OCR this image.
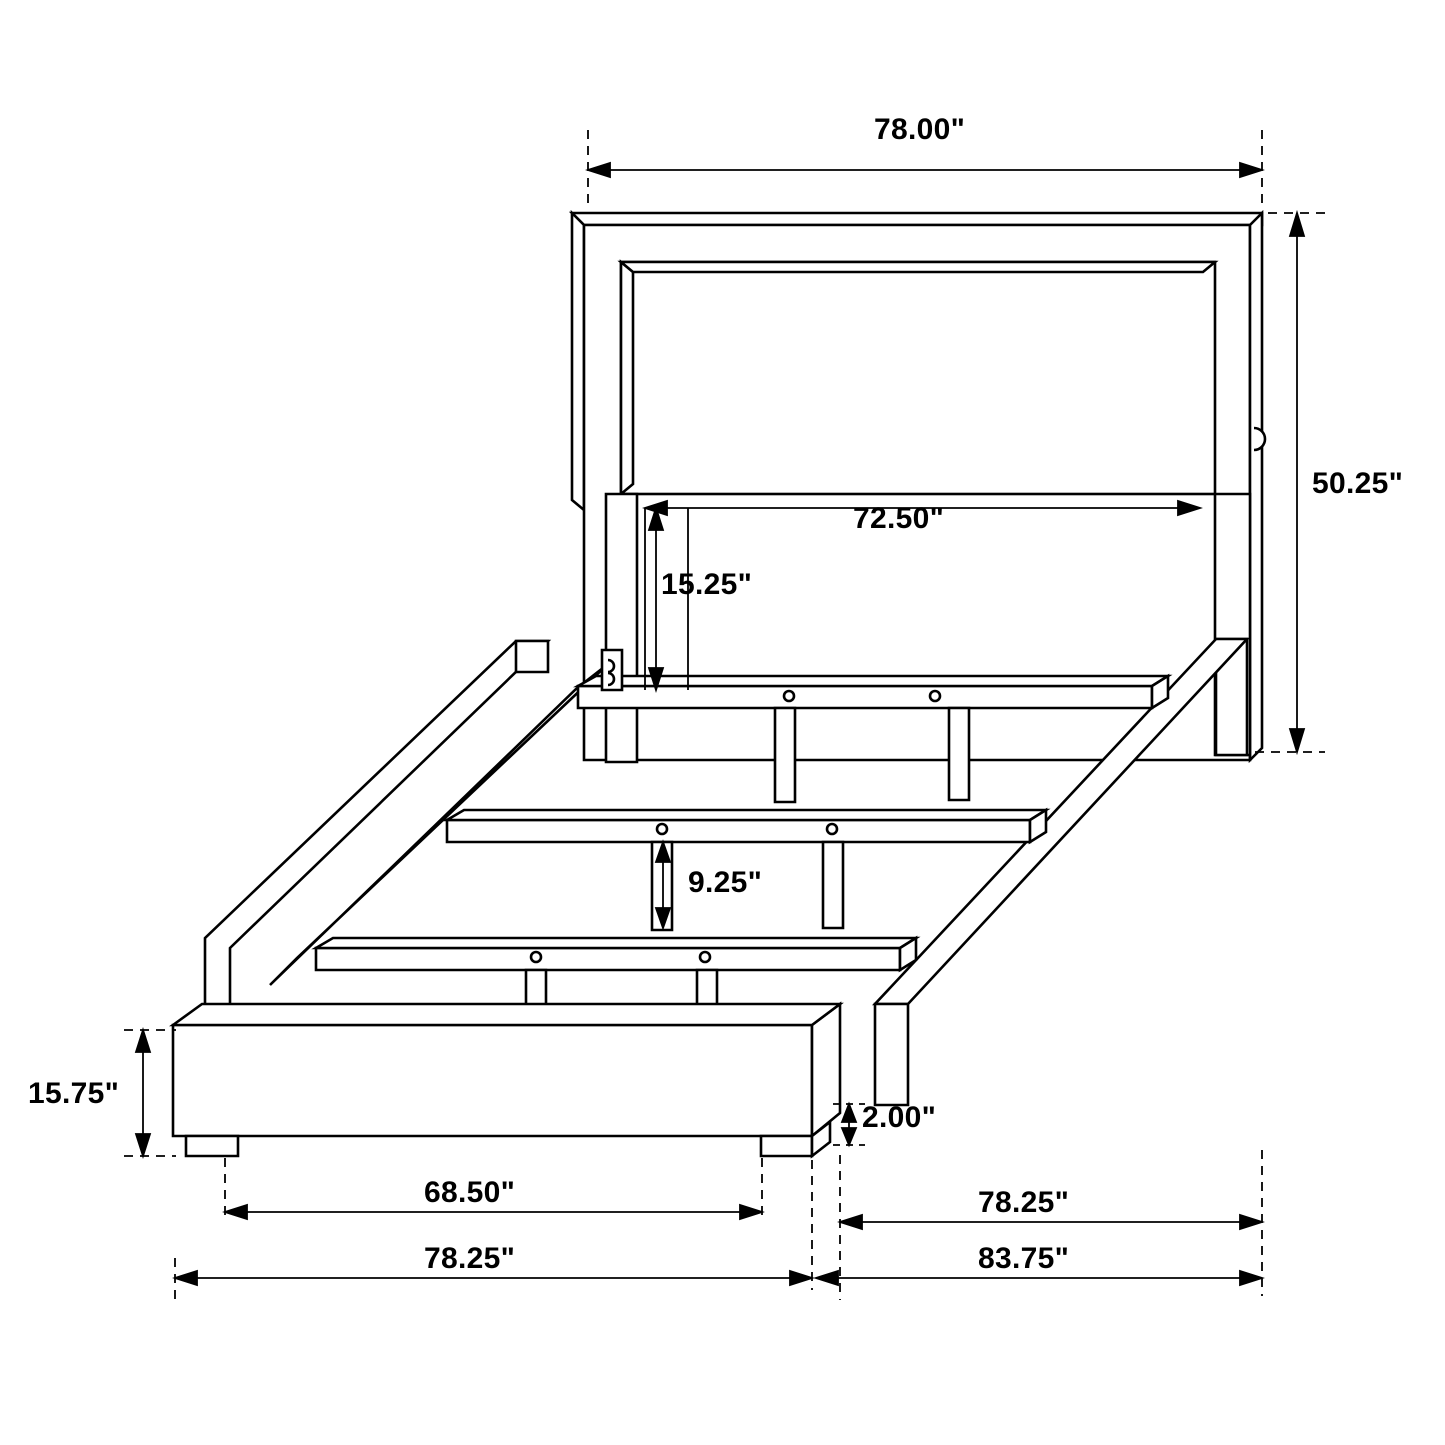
78.00"
50.25"
72.50"
15.25"
9.25"
15.75"
2.00"
68.50"	78.25"
78.25"	83.75"
